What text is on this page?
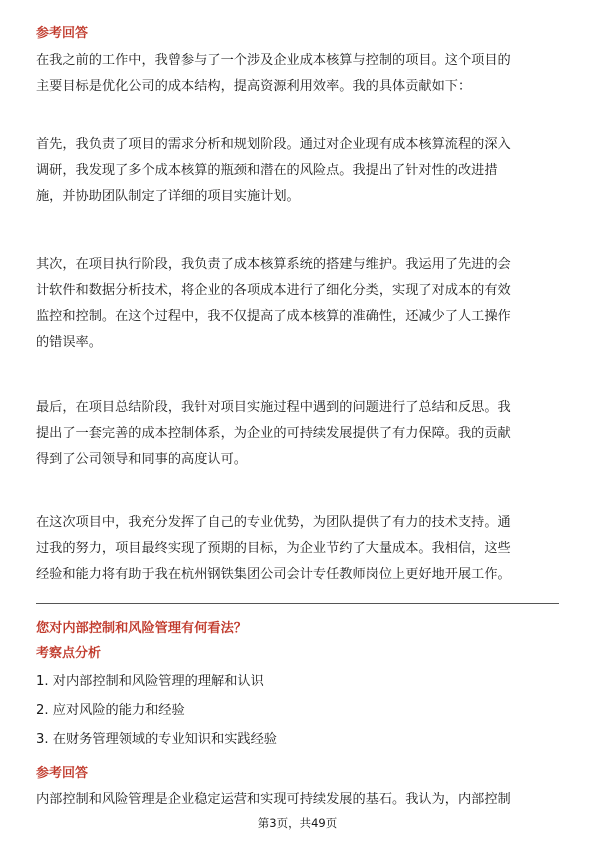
参考回答
在我之前的工作中，我曾参与了一个涉及企业成本核算与控制的项目。这个项目的
主要目标是优化公司的成本结构，提高资源利用效率。我的具体贡献如下：
首先，我负责了项目的需求分析和规划阶段。通过对企业现有成本核算流程的深入
调研，我发现了多个成本核算的瓶颈和潜在的风险点。我提出了针对性的改进措
施，并协助团队制定了详细的项目实施计划。
其次，在项目执行阶段，我负责了成本核算系统的搭建与维护。我运用了先进的会
计软件和数据分析技术，将企业的各项成本进行了细化分类，实现了对成本的有效
监控和控制。在这个过程中，我不仅提高了成本核算的准确性，还减少了人工操作
的错误率。
最后，在项目总结阶段，我针对项目实施过程中遇到的问题进行了总结和反思。我
提出了一套完善的成本控制体系，为企业的可持续发展提供了有力保障。我的贡献
得到了公司领导和同事的高度认可。
在这次项目中，我充分发挥了自己的专业优势，为团队提供了有力的技术支持。通
过我的努力，项目最终实现了预期的目标，为企业节约了大量成本。我相信，这些
经验和能力将有助于我在杭州钢铁集团公司会计专任教师岗位上更好地开展工作。
您对内部控制和风险管理有何看法？
考察点分析
1. 对内部控制和风险管理的理解和认识
2. 应对风险的能力和经验
3. 在财务管理领域的专业知识和实践经验
参考回答
内部控制和风险管理是企业稳定运营和实现可持续发展的基石。我认为，内部控制
第3页，共49页
